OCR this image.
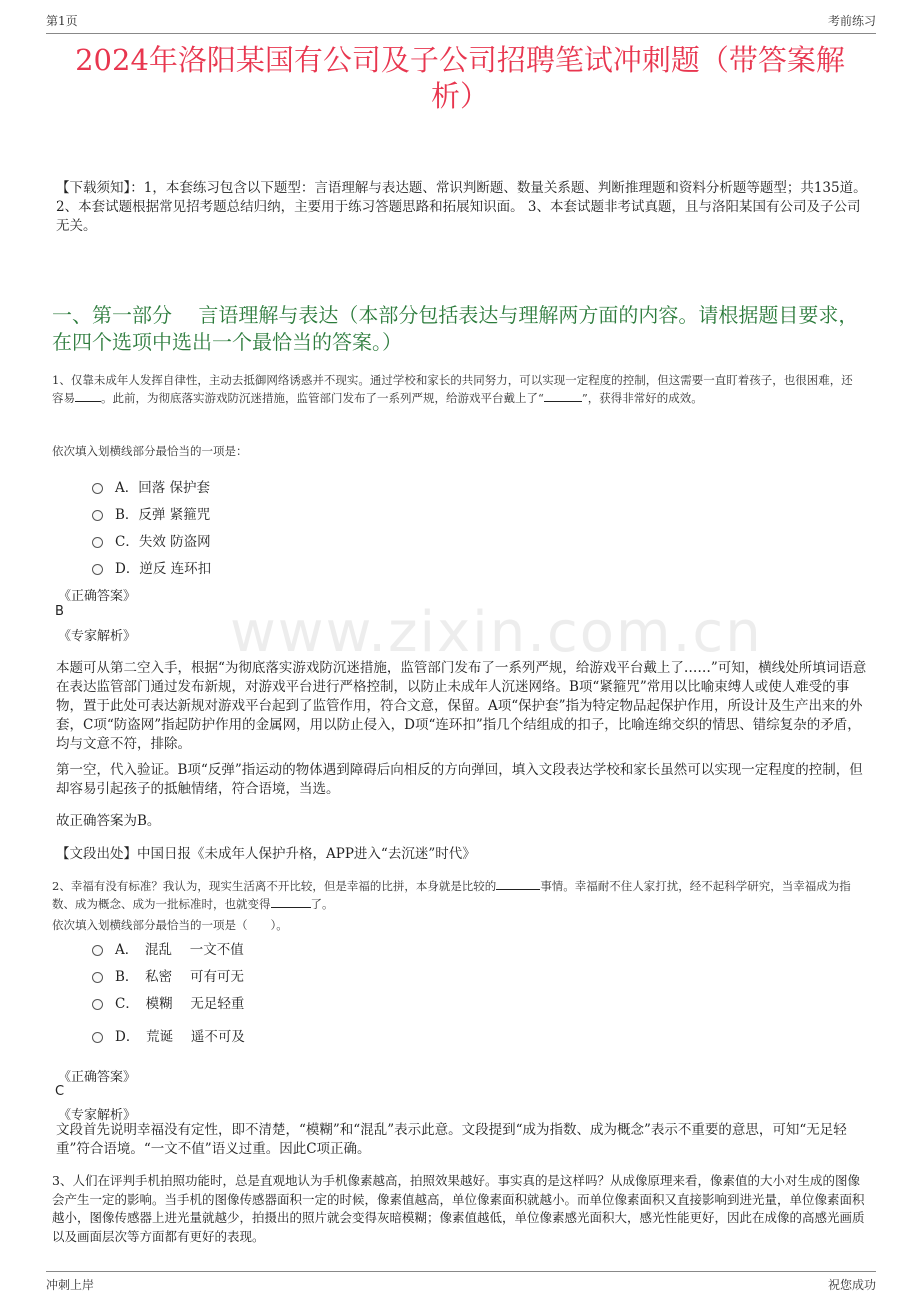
第1页	考前练习
2024年洛阳某国有公司及子公司招聘笔试冲刺题（带答案解析）
【下载须知】：1，本套练习包含以下题型：言语理解与表达题、常识判断题、数量关系题、判断推理题和资料分析题等题型；共135道。 2、本套试题根据常见招考题总结归纳，主要用于练习答题思路和拓展知识面。 3、本套试题非考试真题，且与洛阳某国有公司及子公司无关。
一、第一部分　 言语理解与表达（本部分包括表达与理解两方面的内容。请根据题目要求，在四个选项中选出一个最恰当的答案。）
www.zixin.com.cn
1、仅靠未成年人发挥自律性，主动去抵御网络诱惑并不现实。通过学校和家长的共同努力，可以实现一定程度的控制，但这需要一直盯着孩子，也很困难，还容易 。此前，为彻底落实游戏防沉迷措施，监管部门发布了一系列严规，给游戏平台戴上了“	”，获得非常好的成效。
依次填入划横线部分最恰当的一项是：
A．回落 保护套
B．反弹 紧箍咒
C．失效 防盗网
D．逆反 连环扣
《正确答案》
B
《专家解析》
本题可从第二空入手，根据“为彻底落实游戏防沉迷措施，监管部门发布了一系列严规，给游戏平台戴上了……”可知，横线处所填词语意在表达监管部门通过发布新规，对游戏平台进行严格控制，以防止未成年人沉迷网络。B项“紧箍咒”常用以比喻束缚人或使人难受的事物，置于此处可表达新规对游戏平台起到了监管作用，符合文意，保留。A项“保护套”指为特定物品起保护作用，所设计及生产出来的外套，C项“防盗网”指起防护作用的金属网，用以防止侵入，D项“连环扣”指几个结组成的扣子，比喻连绵交织的情思、错综复杂的矛盾，均与文意不符，排除。
第一空，代入验证。B项“反弹”指运动的物体遇到障碍后向相反的方向弹回，填入文段表达学校和家长虽然可以实现一定程度的控制，但却容易引起孩子的抵触情绪，符合语境，当选。
故正确答案为B。
【文段出处】中国日报《未成年人保护升格，APP进入“去沉迷”时代》
2、幸福有没有标准？我认为，现实生活离不开比较，但是幸福的比拼，本身就是比较的	事情。幸福耐不住人家打扰，经不起科学研究，当幸福成为指数、成为概念、成为一批标准时，也就变得	了。
依次填入划横线部分最恰当的一项是（　　）。
A．　混乱　 一文不值
B．　私密　 可有可无
C．　模糊　 无足轻重
D．　荒诞　 遥不可及
《正确答案》
C
《专家解析》
文段首先说明幸福没有定性，即不清楚，“模糊”和“混乱”表示此意。文段提到“成为指数、成为概念”表示不重要的意思，可知“无足轻重”符合语境。“一文不值”语义过重。因此C项正确。
3、人们在评判手机拍照功能时，总是直观地认为手机像素越高，拍照效果越好。事实真的是这样吗？从成像原理来看，像素值的大小对生成的图像会产生一定的影响。当手机的图像传感器面积一定的时候，像素值越高，单位像素面积就越小。而单位像素面积又直接影响到进光量，单位像素面积越小，图像传感器上进光量就越少，拍摄出的照片就会变得灰暗模糊；像素值越低，单位像素感光面积大，感光性能更好，因此在成像的高感光画质以及画面层次等方面都有更好的表现。
冲刺上岸	祝您成功
